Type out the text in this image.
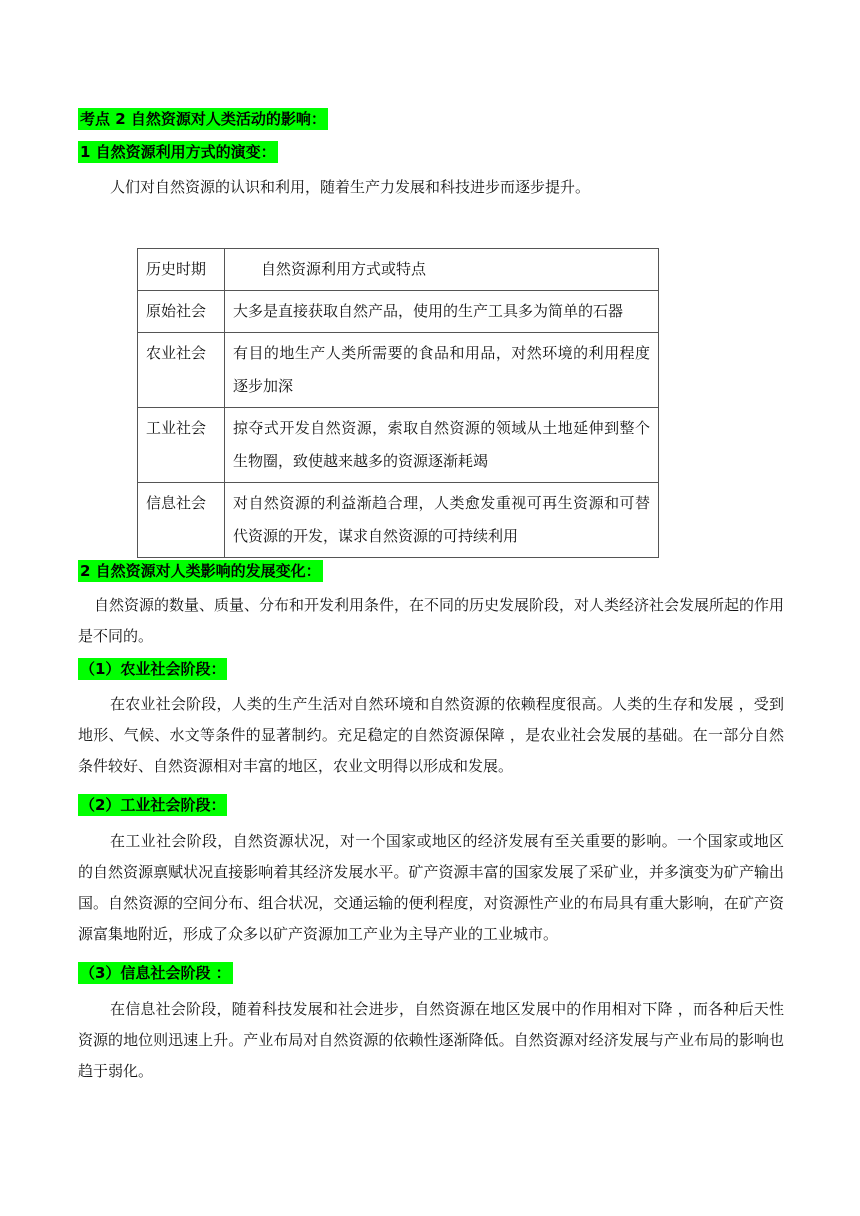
考点 2 自然资源对人类活动的影响：
1 自然资源利用方式的演变：

人们对自然资源的认识和利用，随着生产力发展和科技进步而逐步提升。

历史时期	自然资源利用方式或特点
原始社会	大多是直接获取自然产品，使用的生产工具多为简单的石器
农业社会	有目的地生产人类所需要的食品和用品，对然环境的利用程度逐步加深
工业社会	掠夺式开发自然资源，索取自然资源的领域从土地延伸到整个生物圈，致使越来越多的资源逐渐耗竭
信息社会	对自然资源的利益渐趋合理，人类愈发重视可再生资源和可替代资源的开发，谋求自然资源的可持续利用
2 自然资源对人类影响的发展变化：

自然资源的数量、质量、分布和开发利用条件，在不同的历史发展阶段，对人类经济社会发展所起的作用是不同的。

（1）农业社会阶段：

在农业社会阶段，人类的生产生活对自然环境和自然资源的依赖程度很高。人类的生存和发展 ，受到地形、气候、水文等条件的显著制约。充足稳定的自然资源保障 ，是农业社会发展的基础。在一部分自然条件较好、自然资源相对丰富的地区，农业文明得以形成和发展。

（2）工业社会阶段：

在工业社会阶段，自然资源状况，对一个国家或地区的经济发展有至关重要的影响。一个国家或地区的自然资源禀赋状况直接影响着其经济发展水平。矿产资源丰富的国家发展了采矿业，并多演变为矿产输出国。自然资源的空间分布、组合状况，交通运输的便利程度，对资源性产业的布局具有重大影响，在矿产资源富集地附近，形成了众多以矿产资源加工产业为主导产业的工业城市。

（3）信息社会阶段 ：

在信息社会阶段，随着科技发展和社会进步，自然资源在地区发展中的作用相对下降 ，而各种后天性资源的地位则迅速上升。产业布局对自然资源的依赖性逐渐降低。自然资源对经济发展与产业布局的影响也趋于弱化。
